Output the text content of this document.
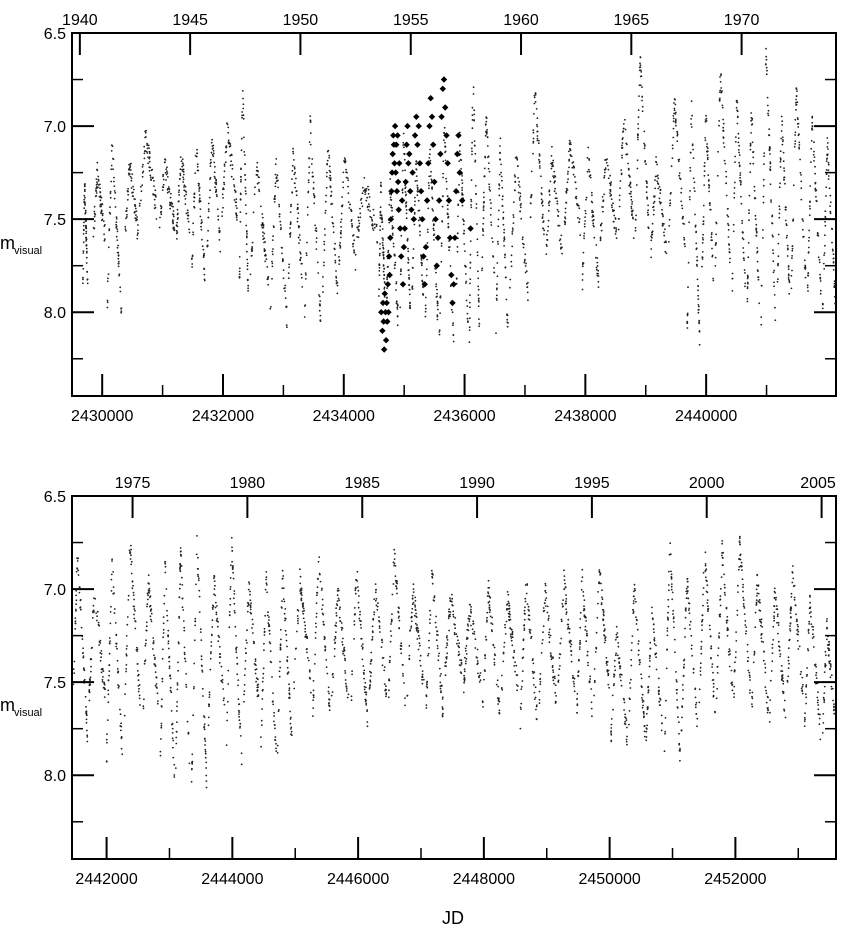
6.5
7.0
7.5
8.0
2430000	2432000	2434000	2436000	2438000	2440000
1940	1945	1950	1955	1960	1965	1970
m visual
6.5
7.0
7.5
8.0
2442000	2444000	2446000	2448000	2450000	2452000
1975	1980	1985	1990	1995	2000	2005
m visual
JD
